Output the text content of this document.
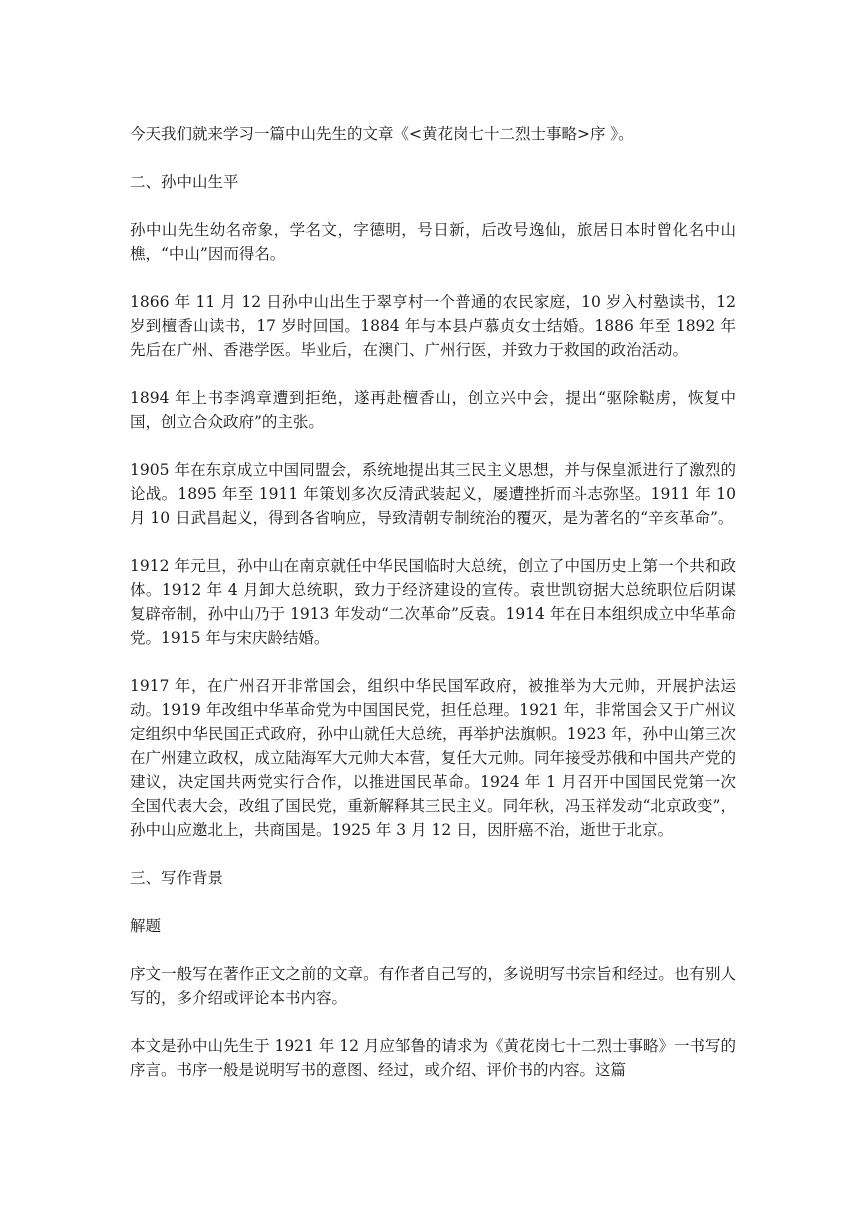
今天我们就来学习一篇中山先生的文章《<黄花岗七十二烈士事略>序 》。

二、孙中山生平

孙中山先生幼名帝象，学名文，字德明，号日新，后改号逸仙，旅居日本时曾化名中山樵，“中山”因而得名。

1866 年 11 月 12 日孙中山出生于翠亨村一个普通的农民家庭，10 岁入村塾读书，12 岁到檀香山读书，17 岁时回国。1884 年与本县卢慕贞女士结婚。1886 年至 1892 年先后在广州、香港学医。毕业后，在澳门、广州行医，并致力于救国的政治活动。

1894 年上书李鸿章遭到拒绝，遂再赴檀香山，创立兴中会，提出“驱除鞑虏，恢复中国，创立合众政府”的主张。

1905 年在东京成立中国同盟会，系统地提出其三民主义思想，并与保皇派进行了激烈的论战。1895 年至 1911 年策划多次反清武装起义，屡遭挫折而斗志弥坚。1911 年 10 月 10 日武昌起义，得到各省响应，导致清朝专制统治的覆灭，是为著名的“辛亥革命”。

1912 年元旦，孙中山在南京就任中华民国临时大总统，创立了中国历史上第一个共和政体。1912 年 4 月卸大总统职，致力于经济建设的宣传。袁世凯窃据大总统职位后阴谋复辟帝制，孙中山乃于 1913 年发动“二次革命”反袁。1914 年在日本组织成立中华革命党。1915 年与宋庆龄结婚。

1917 年，在广州召开非常国会，组织中华民国军政府，被推举为大元帅，开展护法运动。1919 年改组中华革命党为中国国民党，担任总理。1921 年，非常国会又于广州议定组织中华民国正式政府，孙中山就任大总统，再举护法旗帜。1923 年，孙中山第三次在广州建立政权，成立陆海军大元帅大本营，复任大元帅。同年接受苏俄和中国共产党的建议，决定国共两党实行合作，以推进国民革命。1924 年 1 月召开中国国民党第一次全国代表大会，改组了国民党，重新解释其三民主义。同年秋，冯玉祥发动“北京政变”，孙中山应邀北上，共商国是。1925 年 3 月 12 日，因肝癌不治，逝世于北京。

三、写作背景

解题

序文一般写在著作正文之前的文章。有作者自己写的，多说明写书宗旨和经过。也有别人写的，多介绍或评论本书内容。

本文是孙中山先生于 1921 年 12 月应邹鲁的请求为《黄花岗七十二烈士事略》一书写的序言。书序一般是说明写书的意图、经过，或介绍、评价书的内容。这篇
